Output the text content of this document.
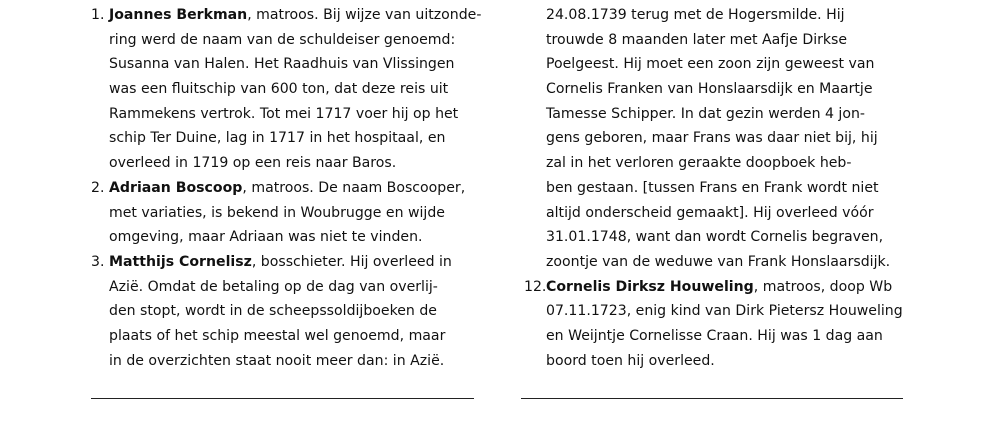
1. Joannes Berkman, matroos. Bij wijze van uitzonde-
ring werd de naam van de schuldeiser genoemd:
Susanna van Halen. Het Raadhuis van Vlissingen
was een fluitschip van 600 ton, dat deze reis uit
Rammekens vertrok. Tot mei 1717 voer hij op het
schip Ter Duine, lag in 1717 in het hospitaal, en
overleed in 1719 op een reis naar Baros.
2. Adriaan Boscoop, matroos. De naam Boscooper,
met variaties, is bekend in Woubrugge en wijde
omgeving, maar Adriaan was niet te vinden.
3. Matthijs Cornelisz, bosschieter. Hij overleed in
Azië. Omdat de betaling op de dag van overlij-
den stopt, wordt in de scheepssoldijboeken de
plaats of het schip meestal wel genoemd, maar
in de overzichten staat nooit meer dan: in Azië.
24.08.1739 terug met de Hogersmilde. Hij
trouwde 8 maanden later met Aafje Dirkse
Poelgeest. Hij moet een zoon zijn geweest van
Cornelis Franken van Honslaarsdijk en Maartje
Tamesse Schipper. In dat gezin werden 4 jon-
gens geboren, maar Frans was daar niet bij, hij
zal in het verloren geraakte doopboek heb-
ben gestaan. [tussen Frans en Frank wordt niet
altijd onderscheid gemaakt]. Hij overleed vóór
31.01.1748, want dan wordt Cornelis begraven,
zoontje van de weduwe van Frank Honslaarsdijk.
12. Cornelis Dirksz Houweling, matroos, doop Wb
07.11.1723, enig kind van Dirk Pietersz Houweling
en Weijntje Cornelisse Craan. Hij was 1 dag aan
boord toen hij overleed.
